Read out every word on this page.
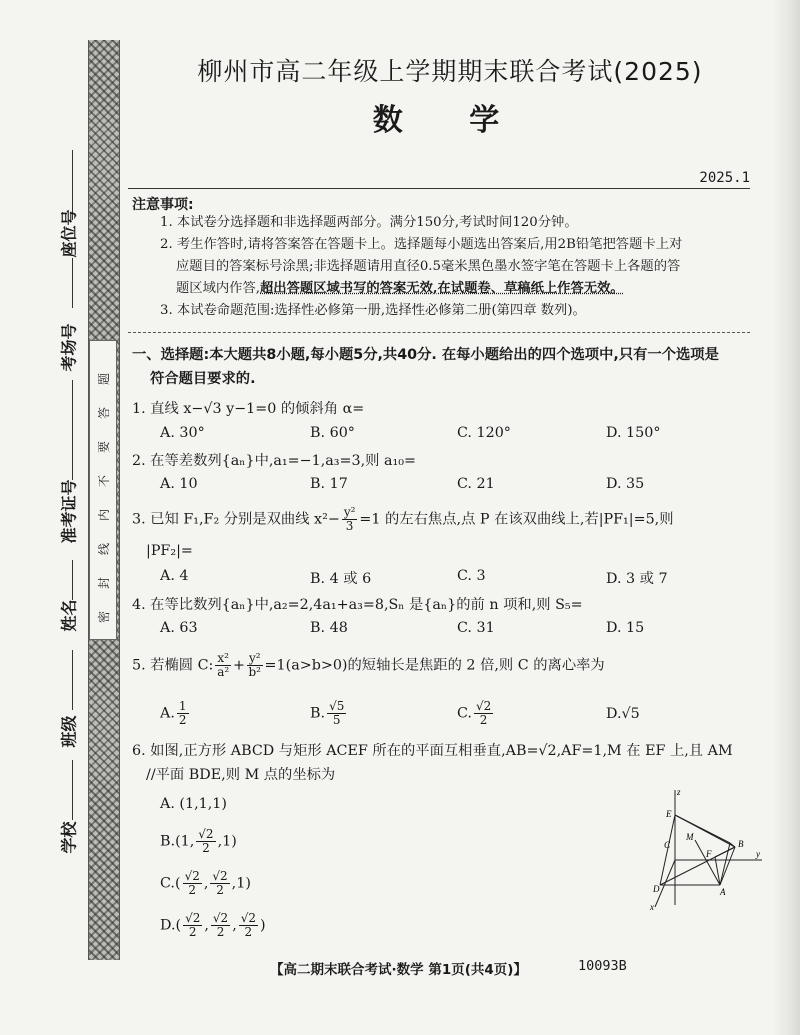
题
答
要
不
内
线
封
密
座位号
考场号
准考证号
姓名
班级
学校
柳州市高二年级上学期期末联合考试(2025)
数 学
2025.1
注意事项:
1. 本试卷分选择题和非选择题两部分。满分150分,考试时间120分钟。
2. 考生作答时,请将答案答在答题卡上。选择题每小题选出答案后,用2B铅笔把答题卡上对
应题目的答案标号涂黑;非选择题请用直径0.5毫米黑色墨水签字笔在答题卡上各题的答
题区域内作答,超出答题区域书写的答案无效,在试题卷、草稿纸上作答无效。
3. 本试卷命题范围:选择性必修第一册,选择性必修第二册(第四章 数列)。
一、选择题:本大题共8小题,每小题5分,共40分. 在每小题给出的四个选项中,只有一个选项是
符合题目要求的.
1. 直线 x−√3 y−1=0 的倾斜角 α=
A. 30°	B. 60°	C. 120°	D. 150°
2. 在等差数列{aₙ}中,a₁=−1,a₃=3,则 a₁₀=
A. 10	B. 17	C. 21	D. 35
3. 已知 F₁,F₂ 分别是双曲线 $x^2- \frac{\text{y²}}{3} =1$ 的左右焦点,点 P 在该双曲线上,若|PF₁|=5,则
|PF₂|=
A. 4	B. 4 或 6	C. 3	D. 3 或 7
4. 在等比数列{aₙ}中,a₂=2,4a₁+a₃=8,Sₙ 是{aₙ}的前 n 项和,则 S₅=
A. 63	B. 48	C. 31	D. 15
5. 若椭圆 C: $\frac{\text{x²}}{\text{a²}} + \frac{\text{y²}}{\text{b²}} =1(a>b>0)$的短轴长是焦距的 2 倍,则 C 的离心率为
A. $\frac{1}{2}$	B. $\frac{√5}{5}$	C. $\frac{√2}{2}$	D.√5
6. 如图,正方形 ABCD 与矩形 ACEF 所在的平面互相垂直,AB=√2,AF=1,M 在 EF 上,且 AM
//平面 BDE,则 M 点的坐标为
A. (1,1,1)
B.(1, $\frac{√2}{2} ,1$)
$C.( \frac{√2}{2}$ , $\frac{√2}{2} ,1$)
$D.( \frac{√2}{2}$ , $\frac{√2}{2}$ , $\frac{√2}{2}$ )
z
E
M
C
F
B
y
D	A
x
【高二期末联合考试·数学 第1页(共4页)】	10093B
